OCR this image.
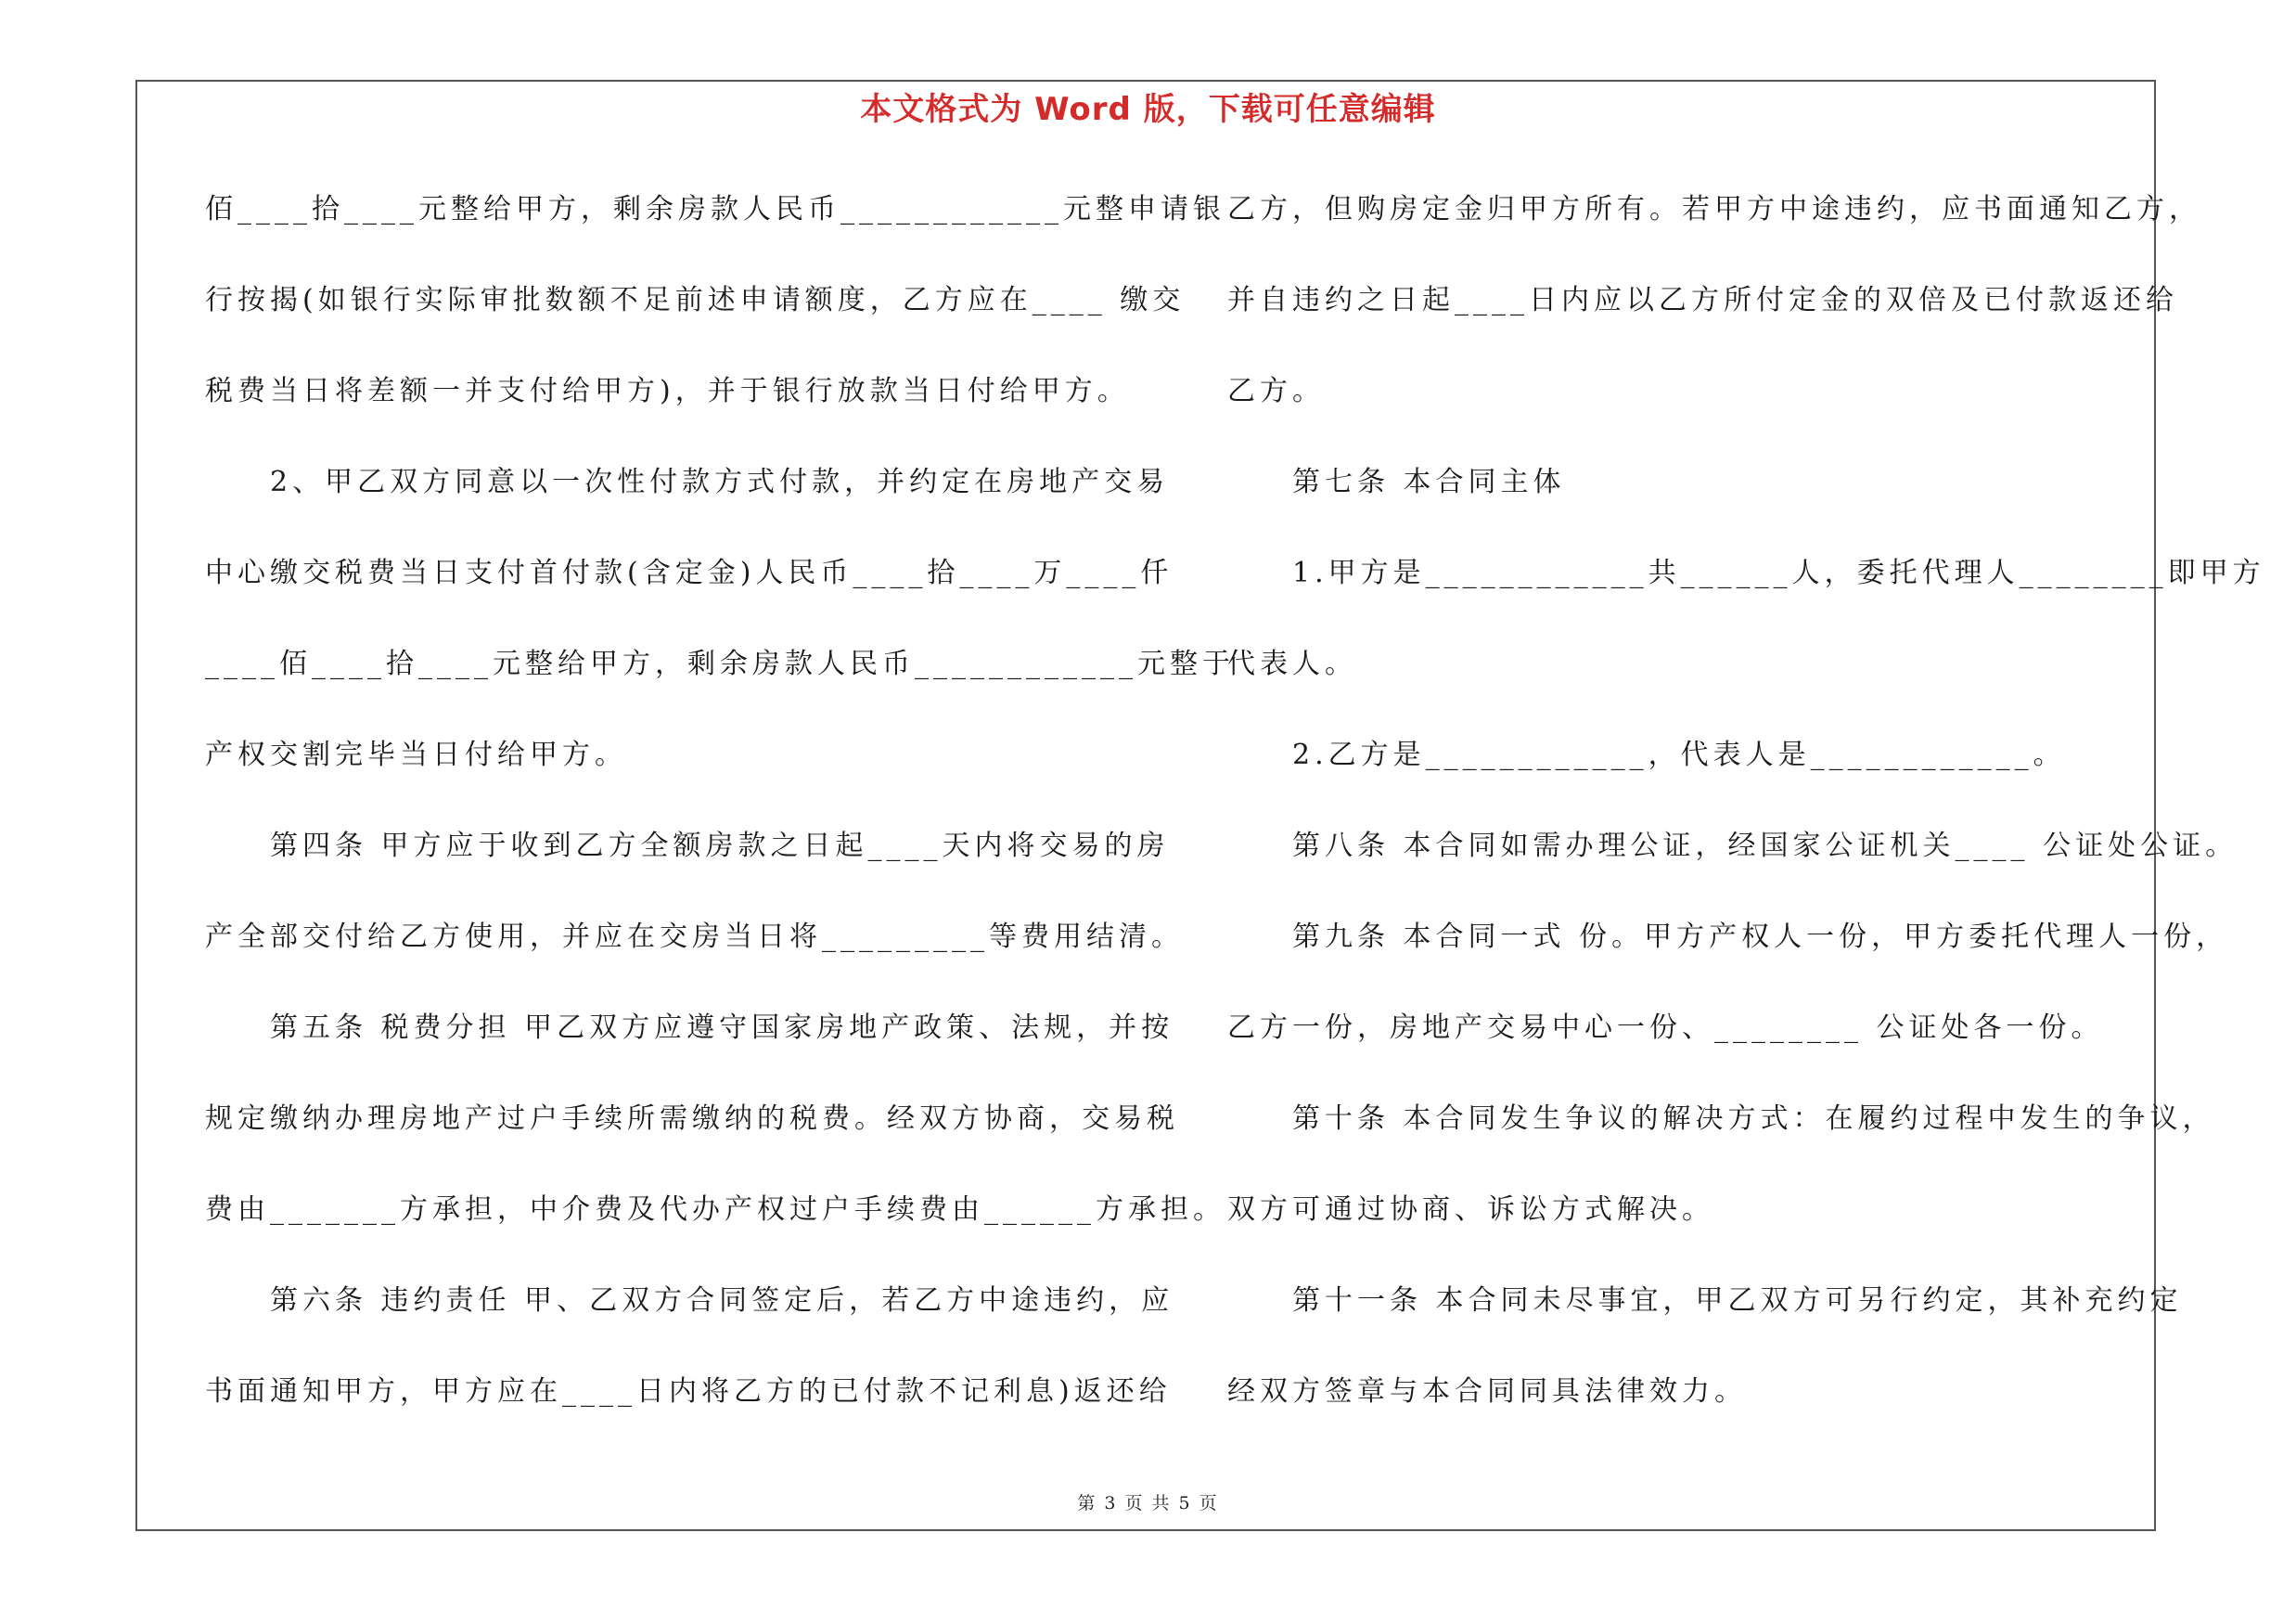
本文格式为 Word 版，下载可任意编辑
佰____拾____元整给甲方，剩余房款人民币____________元整申请银
行按揭(如银行实际审批数额不足前述申请额度，乙方应在____ 缴交
税费当日将差额一并支付给甲方)，并于银行放款当日付给甲方。
　　2、甲乙双方同意以一次性付款方式付款，并约定在房地产交易
中心缴交税费当日支付首付款(含定金)人民币____拾____万____仟
____佰____拾____元整给甲方，剩余房款人民币____________元整于
产权交割完毕当日付给甲方。
　　第四条 甲方应于收到乙方全额房款之日起____天内将交易的房
产全部交付给乙方使用，并应在交房当日将_________等费用结清。
　　第五条 税费分担 甲乙双方应遵守国家房地产政策、法规，并按
规定缴纳办理房地产过户手续所需缴纳的税费。经双方协商，交易税
费由_______方承担，中介费及代办产权过户手续费由______方承担。
　　第六条 违约责任 甲、乙双方合同签定后，若乙方中途违约，应
书面通知甲方，甲方应在____日内将乙方的已付款不记利息)返还给
乙方，但购房定金归甲方所有。若甲方中途违约，应书面通知乙方，
并自违约之日起____日内应以乙方所付定金的双倍及已付款返还给
乙方。
　　第七条 本合同主体
　　1.甲方是____________共______人，委托代理人________即甲方
代表人。
　　2.乙方是____________，代表人是____________。
　　第八条 本合同如需办理公证，经国家公证机关____ 公证处公证。
　　第九条 本合同一式 份。甲方产权人一份，甲方委托代理人一份，
乙方一份，房地产交易中心一份、________ 公证处各一份。
　　第十条 本合同发生争议的解决方式：在履约过程中发生的争议，
双方可通过协商、诉讼方式解决。
　　第十一条 本合同未尽事宜，甲乙双方可另行约定，其补充约定
经双方签章与本合同同具法律效力。
第 3 页 共 5 页
